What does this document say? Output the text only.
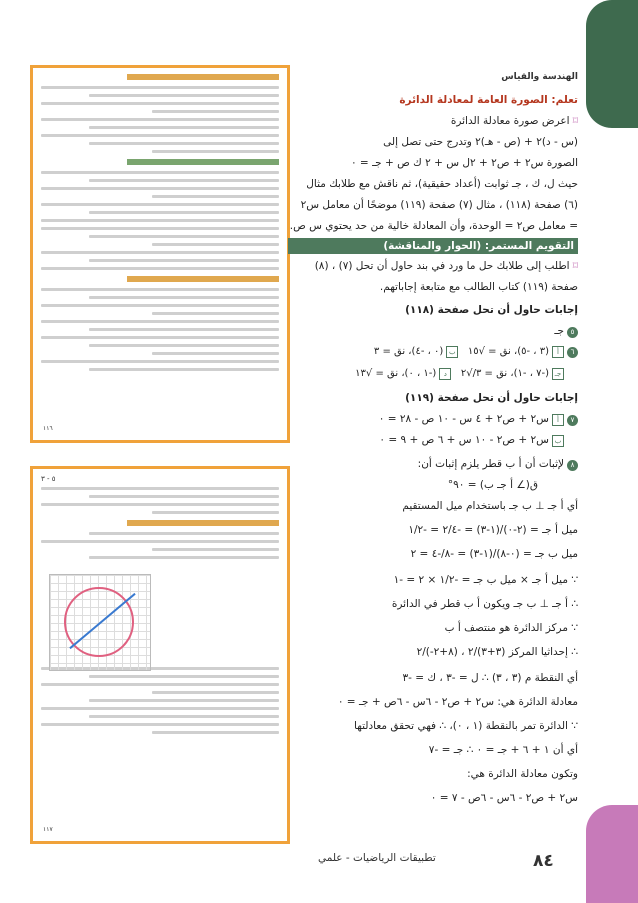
١١٦
٥ - ٣
١١٧
الهندسة والقياس
تعلم: الصورة العامة لمعادلة الدائرة
⌑اعرض صورة معادلة الدائرة
(س - د)٢ + (ص - هـ)٢ وتدرج حتى تصل إلى
الصورة س٢ + ص٢ + ٢ل س + ٢ ك ص + جـ = ٠
حيث ل، ك ، جـ ثوابت (أعداد حقيقية)، ثم ناقش مع طلابك مثال
(٦) صفحة (١١٨) ، مثال (٧) صفحة (١١٩) موضحًا أن معامل س٢
= معامل ص٢ = الوحدة، وأن المعادلة خالية من حد يحتوي س ص.
التقويم المستمر: (الحوار والمناقشة)
⌑اطلب إلى طلابك حل ما ورد في بند حاول أن تحل (٧) ، (٨)
صفحة (١١٩) كتاب الطالب مع متابعة إجاباتهم.
إجابات حاول أن تحل صفحة (١١٨)
٥جـ
٦أ(٣ ، -٥)، نق = √١٥   ب(٠ ، -٤)، نق = ٣
جـ(-٧ ، -١)، نق = ٣/√٢   د(-١ ، ٠)، نق = √١٣
إجابات حاول أن تحل صفحة (١١٩)
٧أس٢ + ص٢ + ٤ س - ١٠ ص - ٢٨ = ٠
بس٢ + ص٢ - ١٠ س + ٦ ص + ٩ = ٠
٨لإثبات أن أ ب قطر يلزم إثبات أن:
ق(∠ أ جـ ب) = ٩٠°
أي أ جـ ⊥ ب جـ باستخدام ميل المستقيم
ميل أ جـ = (٢-٠)/(١-٣) = -٢/٤ = -١/٢
ميل ب جـ = (٠-٨)/(١-٣) = -٨/-٤ = ٢
∵ ميل أ جـ × ميل ب جـ = -١/٢ × ٢ = -١
∴ أ جـ ⊥ ب جـ ويكون أ ب قطر في الدائرة
∵ مركز الدائرة هو منتصف أ ب
∴ إحداثيا المركز (٣+٣)/٢ ، (٨+٢-)/٢
أي النقطة م (٣ ، ٣) ∴ ل = -٣ ، ك = -٣
معادلة الدائرة هي: س٢ + ص٢ - ٦س - ٦ص + جـ = ٠
∵ الدائرة تمر بالنقطة (١ ، ٠)، ∴ فهي تحقق معادلتها
أي أن ١ + ٦ + جـ = ٠ ∴ جـ = -٧
وتكون معادلة الدائرة هي:
س٢ + ص٢ - ٦س - ٦ص - ٧ = ٠
تطبيقات الرياضيات - علمي	٨٤
